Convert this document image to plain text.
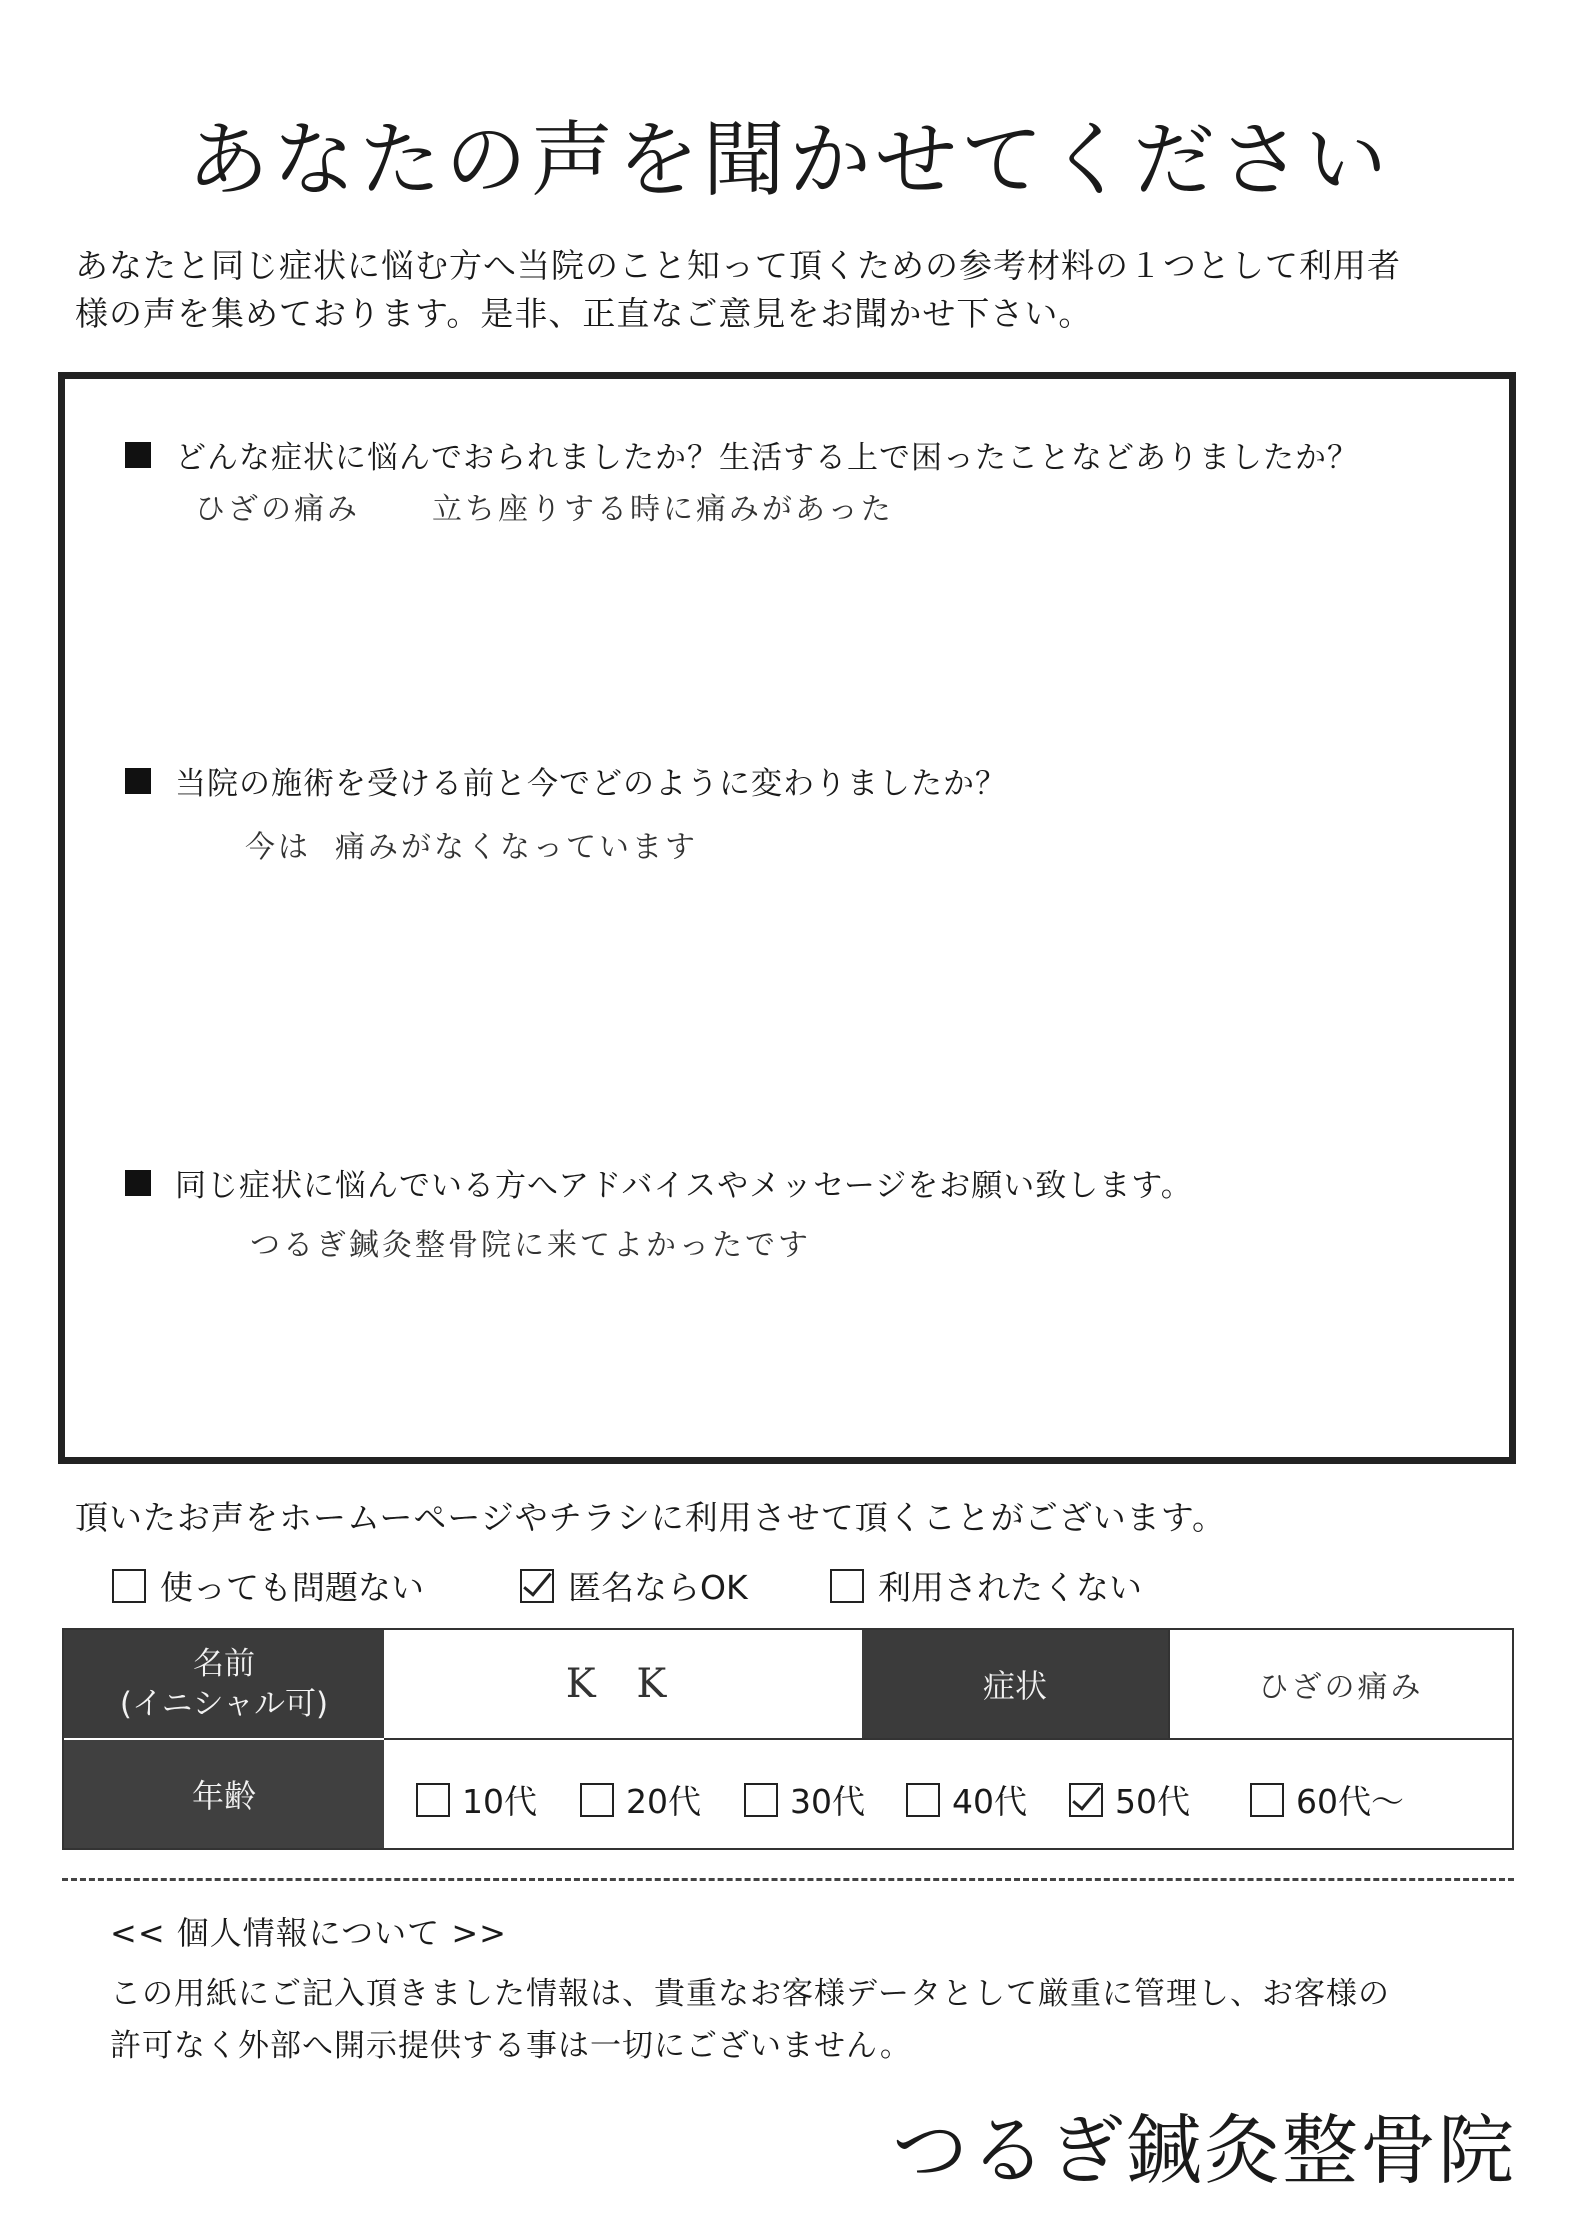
あなたの声を聞かせてください
あなたと同じ症状に悩む方へ当院のこと知って頂くための参考材料の１つとして利用者
様の声を集めております。是非、正直なご意見をお聞かせ下さい。
どんな症状に悩んでおられましたか？生活する上で困ったことなどありましたか？
ひざの痛み 立ち座りする時に痛みがあった
当院の施術を受ける前と今でどのように変わりましたか？
今は 痛みがなくなっています
同じ症状に悩んでいる方へアドバイスやメッセージをお願い致します。
つるぎ鍼灸整骨院に来てよかったです
頂いたお声をホームーページやチラシに利用させて頂くことがございます。
使っても問題ない	匿名ならOK	利用されたくない
名前
(イニシャル可)	K K	症状	ひざの痛み
年齢	10代	20代	30代	40代	50代	60代〜
<< 個人情報について >>
この用紙にご記入頂きました情報は、貴重なお客様データとして厳重に管理し、お客様の
許可なく外部へ開示提供する事は一切にございません。
つるぎ鍼灸整骨院
